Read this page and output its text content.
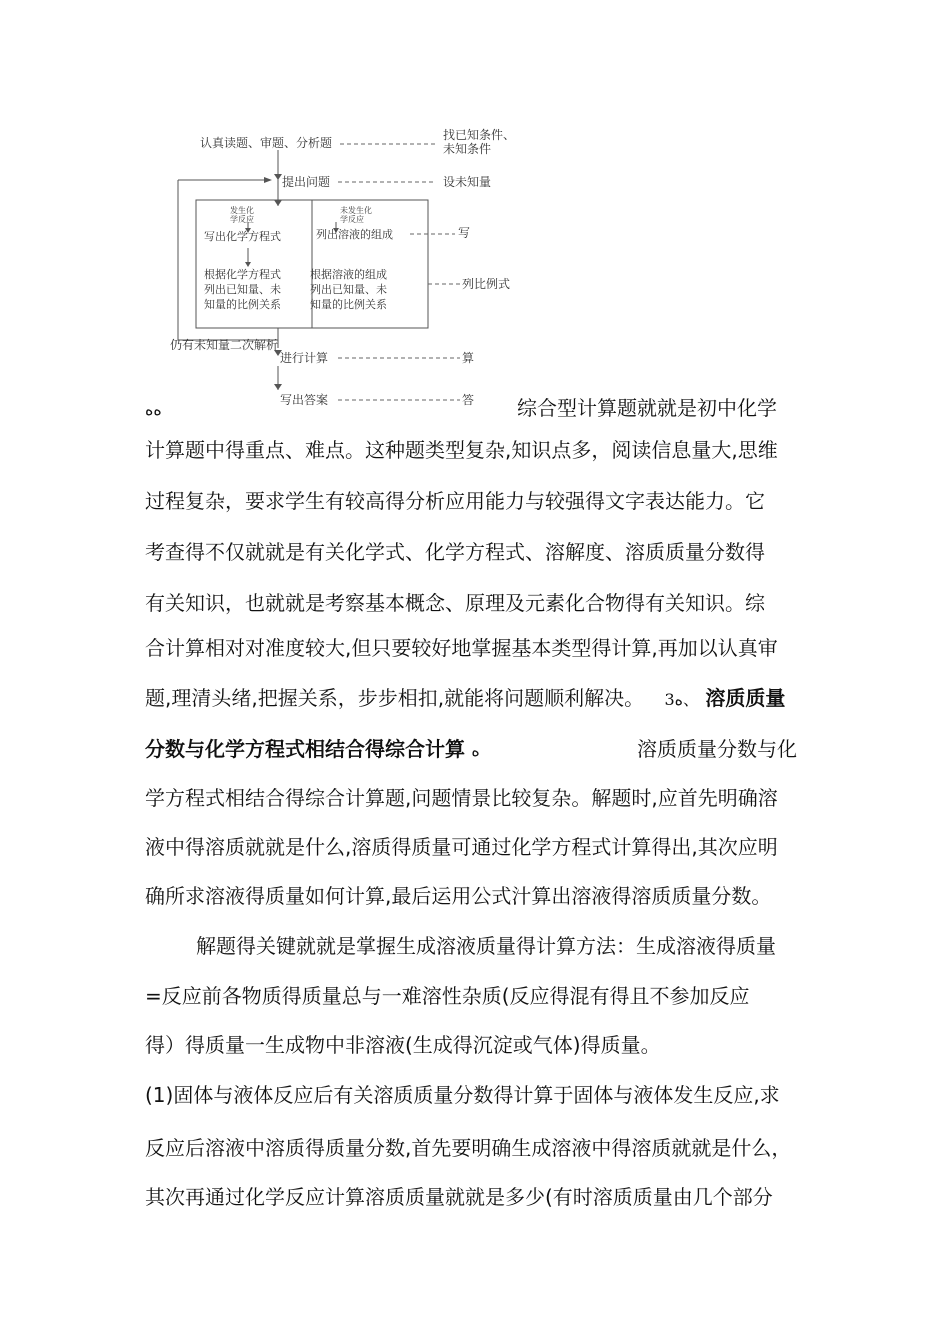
认真读题、审题、分析题
找已知条件、
未知条件
提出问题	设未知量
发生化
学反应
未发生化
学反应
写出化学方程式	列出溶液的组成	写
根据化学方程式
列出已知量、未
知量的比例关系
根据溶液的组成
列出已知量、未
知量的比例关系
列比例式
仍有未知量二次解析
进行计算	算
写出答案	答
ﻩﻩ	综合型计算题就就是初中化学
计算题中得重点、难点。这种题类型复杂,知识点多，阅读信息量大,思维
过程复杂，要求学生有较高得分析应用能力与较强得文字表达能力。它
考查得不仅就就是有关化学式、化学方程式、溶解度、溶质质量分数得
有关知识，也就就是考察基本概念、原理及元素化合物得有关知识。综
合计算相对对准度较大,但只要较好地掌握基本类型得计算,再加以认真审
题,理清头绪,把握关系，步步相扣,就能将问题顺利解决。 3ﻩ、 溶质质量
分数与化学方程式相结合得综合计算 ﻩ	溶质质量分数与化
学方程式相结合得综合计算题,问题情景比较复杂。解题时,应首先明确溶
液中得溶质就就是什么,溶质得质量可通过化学方程式计算得出,其次应明
确所求溶液得质量如何计算,最后运用公式汁算出溶液得溶质质量分数。
解题得关键就就是掌握生成溶液质量得计算方法：生成溶液得质量
=反应前各物质得质量总与一难溶性杂质(反应得混有得且不参加反应
得）得质量一生成物中非溶液(生成得沉淀或气体)得质量。
(1)固体与液体反应后有关溶质质量分数得计算于固体与液体发生反应,求
反应后溶液中溶质得质量分数,首先要明确生成溶液中得溶质就就是什么，
其次再通过化学反应计算溶质质量就就是多少(有时溶质质量由几个部分
